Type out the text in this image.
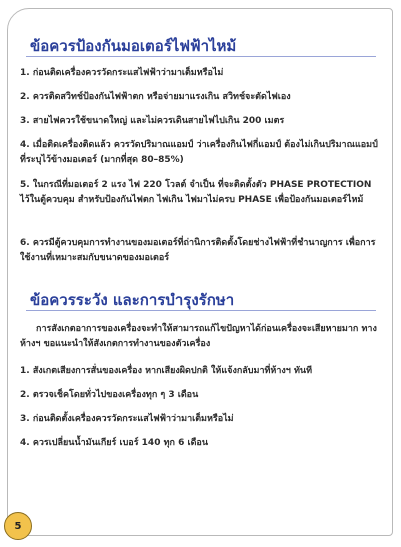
ข้อควรป้องกันมอเตอร์ไฟฟ้าไหม้
1. ก่อนติดเครื่องควรวัดกระแสไฟฟ้าว่ามาเต็มหรือไม่
2. ควรติดสวิทช์ป้องกันไฟฟ้าตก หรือจ่ายมาแรงเกิน สวิทช์จะตัดไฟเอง
3. สายไฟควรใช้ขนาดใหญ่ และไม่ควรเดินสายไฟไปเกิน 200 เมตร
4. เมื่อติดเครื่องติดแล้ว ควรวัดปริมาณแอมป์ ว่าเครื่องกินไฟกี่แอมป์ ต้องไม่เกินปริมาณแอมป์ที่ระบุไว้ข้างมอเตอร์ (มากที่สุด 80–85%)
5. ในกรณีที่มอเตอร์ 2 แรง ไฟ 220 โวลต์ จำเป็น ที่จะติดตั้งตัว PHASE PROTECTION ไว้ในตู้ควบคุม สำหรับป้องกันไฟตก ไฟเกิน ไฟมาไม่ครบ PHASE เพื่อป้องกันมอเตอร์ไหม้
6. ควรมีตู้ควบคุมการทำงานของมอเตอร์ที่ถ่านิการติดตั้งโดยช่างไฟฟ้าที่ชำนาญการ เพื่อการใช้งานที่เหมาะสมกับขนาดของมอเตอร์
ข้อควรระวัง และการบำรุงรักษา
การสังเกตอาการของเครื่องจะทำให้สามารถแก้ไขปัญหาได้ก่อนเครื่องจะเสียหายมาก ทางห้างฯ ขอแนะนำให้สังเกตการทำงานของตัวเครื่อง
1. สังเกตเสียงการสั่นของเครื่อง หากเสียงผิดปกติ ให้แจ้งกลับมาที่ห้างฯ ทันที
2. ตรวจเช็คโดยทั่วไปของเครื่องทุก ๆ 3 เดือน
3. ก่อนติดตั้งเครื่องควรวัดกระแสไฟฟ้าว่ามาเต็มหรือไม่
4. ควรเปลี่ยนน้ำมันเกียร์ เบอร์ 140 ทุก 6 เดือน
5
